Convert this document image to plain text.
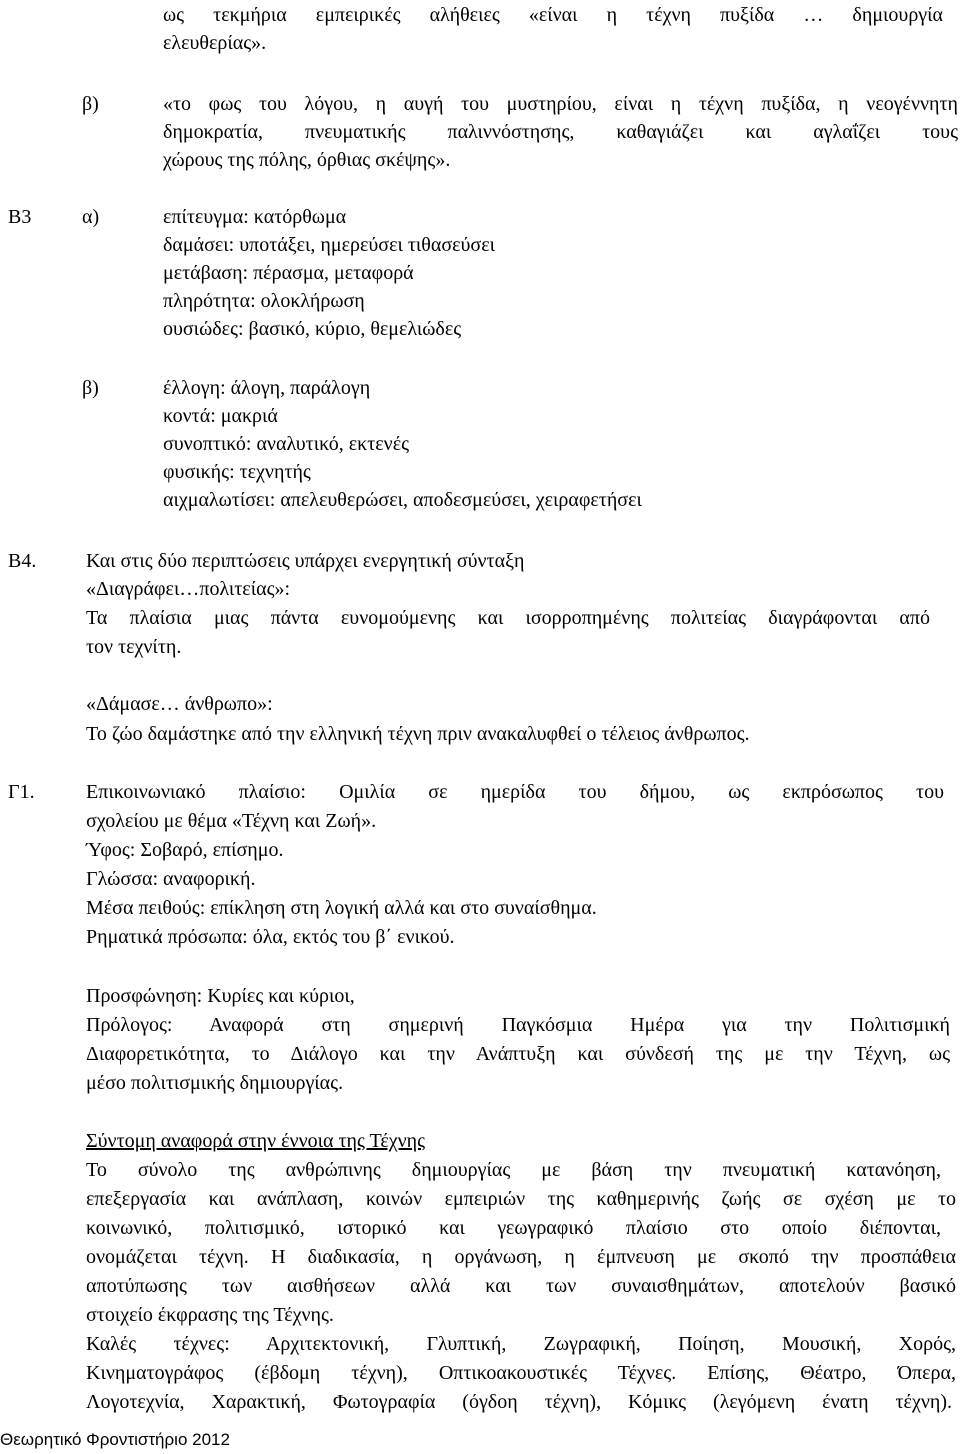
ως τεκμήρια εμπειρικές αλήθειες «είναι η τέχνη πυξίδα … δημιουργία
ελευθερίας».
β)	«το φως του λόγου, η αυγή του μυστηρίου, είναι η τέχνη πυξίδα, η νεογέννητη
δημοκρατία, πνευματικής παλιννόστησης, καθαγιάζει και αγλαΐζει τους
χώρους της πόλης, όρθιας σκέψης».
Β3	α)	επίτευγμα: κατόρθωμα
δαμάσει: υποτάξει, ημερεύσει τιθασεύσει
μετάβαση: πέρασμα, μεταφορά
πληρότητα: ολοκλήρωση
ουσιώδες: βασικό, κύριο, θεμελιώδες
β)	έλλογη: άλογη, παράλογη
κοντά: μακριά
συνοπτικό: αναλυτικό, εκτενές
φυσικής: τεχνητής
αιχμαλωτίσει: απελευθερώσει, αποδεσμεύσει, χειραφετήσει
Β4. Και στις δύο περιπτώσεις υπάρχει ενεργητική σύνταξη
«Διαγράφει…πολιτείας»:
Τα πλαίσια μιας πάντα ευνομούμενης και ισορροπημένης πολιτείας διαγράφονται από
τον τεχνίτη.
«Δάμασε… άνθρωπο»:
Το ζώο δαμάστηκε από την ελληνική τέχνη πριν ανακαλυφθεί ο τέλειος άνθρωπος.
Γ1.	Επικοινωνιακό πλαίσιο: Ομιλία σε ημερίδα του δήμου, ως εκπρόσωπος του
σχολείου με θέμα «Τέχνη και Ζωή».
Ύφος: Σοβαρό, επίσημο.
Γλώσσα: αναφορική.
Μέσα πειθούς: επίκληση στη λογική αλλά και στο συναίσθημα.
Ρηματικά πρόσωπα: όλα, εκτός του β΄ ενικού.
Προσφώνηση: Κυρίες και κύριοι,
Πρόλογος: Αναφορά στη σημερινή Παγκόσμια Ημέρα για την Πολιτισμική
Διαφορετικότητα, το Διάλογο και την Ανάπτυξη και σύνδεσή της με την Τέχνη, ως
μέσο πολιτισμικής δημιουργίας.
Σύντομη αναφορά στην έννοια της Τέχνης
Το σύνολο της ανθρώπινης δημιουργίας με βάση την πνευματική κατανόηση,
επεξεργασία και ανάπλαση, κοινών εμπειριών της καθημερινής ζωής σε σχέση με το
κοινωνικό, πολιτισμικό, ιστορικό και γεωγραφικό πλαίσιο στο οποίο διέπονται,
ονομάζεται τέχνη. Η διαδικασία, η οργάνωση, η έμπνευση με σκοπό την προσπάθεια
αποτύπωσης των αισθήσεων αλλά και των συναισθημάτων, αποτελούν βασικό
στοιχείο έκφρασης της Τέχνης.
Καλές τέχνες: Αρχιτεκτονική, Γλυπτική, Ζωγραφική, Ποίηση, Μουσική, Χορός,
Κινηματογράφος (έβδομη τέχνη), Οπτικοακουστικές Τέχνες. Επίσης, Θέατρο, Όπερα,
Λογοτεχνία, Χαρακτική, Φωτογραφία (όγδοη τέχνη), Κόμικς (λεγόμενη ένατη τέχνη).
Θεωρητικό Φροντιστήριο 2012
